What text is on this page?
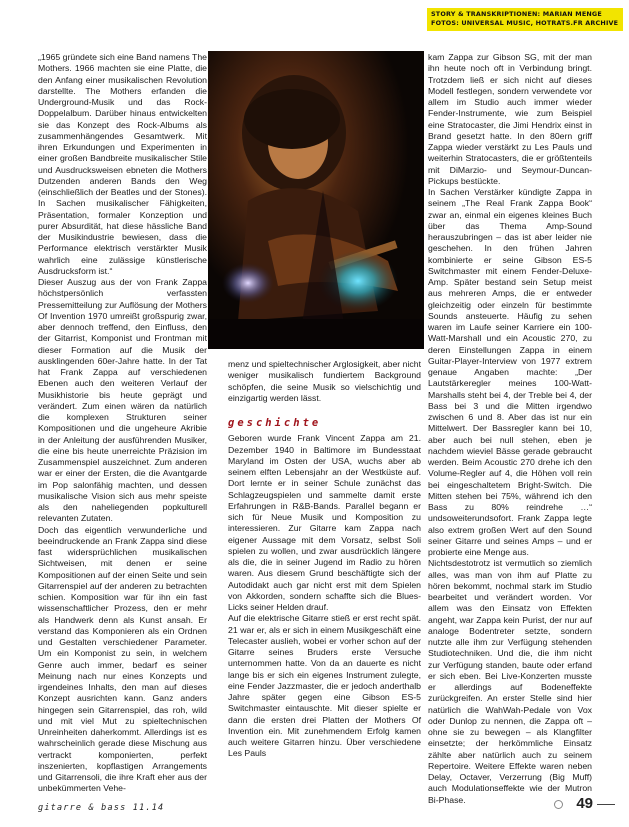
STORY & TRANSKRIPTIONEN: MARIAN MENGE
FOTOS: UNIVERSAL MUSIC, HOTRATS.FR ARCHIVE

„1965 gründete sich eine Band namens The Mothers. 1966 machten sie eine Platte, die den Anfang einer musikalischen Revolution darstellte. The Mothers erfanden die Underground-Musik und das Rock-Doppelalbum. Darüber hinaus entwickelten sie das Konzept des Rock-Albums als zusammenhängendes Gesamtwerk. Mit ihren Erkundungen und Experimenten in einer großen Bandbreite musikalischer Stile und Ausdrucksweisen ebneten die Mothers Dutzenden anderen Bands den Weg (einschließlich der Beatles und der Stones). In Sachen musikalischer Fähigkeiten, Präsentation, formaler Konzeption und purer Absurdität, hat diese hässliche Band der Musikindustrie bewiesen, dass die Performance elektrisch verstärkter Musik wahrlich eine zulässige künstlerische Ausdrucksform ist.“

Dieser Auszug aus der von Frank Zappa höchstpersönlich verfassten Pressemitteilung zur Auflösung der Mothers Of Invention 1970 umreißt großspurig zwar, aber dennoch treffend, den Einfluss, den der Gitarrist, Komponist und Frontman mit dieser Formation auf die Musik der ausklingenden 60er-Jahre hatte. In der Tat hat Frank Zappa auf verschiedenen Ebenen auch den weiteren Verlauf der Musikhistorie bis heute geprägt und verändert. Zum einen wären da natürlich die komplexen Strukturen seiner Kompositionen und die ungeheure Akribie in der Anleitung der ausführenden Musiker, die eine bis heute unerreichte Präzision im Zusammenspiel auszeichnet. Zum anderen war er einer der Ersten, die die Avantgarde im Pop salonfähig machten, und dessen musikalische Vision sich aus mehr speiste als den naheliegenden popkulturell relevanten Zutaten.

Doch das eigentlich verwunderliche und beeindruckende an Frank Zappa sind diese fast widersprüchlichen musikalischen Sichtweisen, mit denen er seine Kompositionen auf der einen Seite und sein Gitarrenspiel auf der anderen zu betrachten schien. Komposition war für ihn ein fast wissenschaftlicher Prozess, den er mehr als Handwerk denn als Kunst ansah. Er verstand das Komponieren als ein Ordnen und Gestalten verschiedener Parameter. Um ein Komponist zu sein, in welchem Genre auch immer, bedarf es seiner Meinung nach nur eines Konzepts und irgendeines Inhalts, den man auf dieses Konzept ausrichten kann. Ganz anders hingegen sein Gitarrenspiel, das roh, wild und mit viel Mut zu spieltechnischen Unreinheiten daherkommt. Allerdings ist es wahrscheinlich gerade diese Mischung aus vertrackt komponierten, perfekt inszenierten, kopflastigen Arrangements und Gitarrensoli, die ihre Kraft eher aus der unbekümmerten Vehe-

menz und spieltechnischer Arglosigkeit, aber nicht weniger musikalisch fundiertem Background schöpfen, die seine Musik so vielschichtig und einzigartig werden lässt.

geschichte

Geboren wurde Frank Vincent Zappa am 21. Dezember 1940 in Baltimore im Bundesstaat Maryland im Osten der USA, wuchs aber ab seinem elften Lebensjahr an der Westküste auf. Dort lernte er in seiner Schule zunächst das Schlagzeugspielen und sammelte damit erste Erfahrungen in R&B-Bands. Parallel begann er sich für Neue Musik und Komposition zu interessieren. Zur Gitarre kam Zappa nach eigener Aussage mit dem Vorsatz, selbst Soli spielen zu wollen, und zwar ausdrücklich längere als die, die in seiner Jugend im Radio zu hören waren. Aus diesem Grund beschäftigte sich der Autodidakt auch gar nicht erst mit dem Spielen von Akkorden, sondern schaffte sich die Blues-Licks seiner Helden drauf.

Auf die elektrische Gitarre stieß er erst recht spät. 21 war er, als er sich in einem Musikgeschäft eine Telecaster auslieh, wobei er vorher schon auf der Gitarre seines Bruders erste Versuche unternommen hatte. Von da an dauerte es nicht lange bis er sich ein eigenes Instrument zulegte, eine Fender Jazzmaster, die er jedoch anderthalb Jahre später gegen eine Gibson ES-5 Switchmaster eintauschte. Mit dieser spielte er dann die ersten drei Platten der Mothers Of Invention ein. Mit zunehmendem Erfolg kamen auch weitere Gitarren hinzu. Über verschiedene Les Pauls

kam Zappa zur Gibson SG, mit der man ihn heute noch oft in Verbindung bringt. Trotzdem ließ er sich nicht auf dieses Modell festlegen, sondern verwendete vor allem im Studio auch immer wieder Fender-Instrumente, wie zum Beispiel eine Stratocaster, die Jimi Hendrix einst in Brand gesetzt hatte. In den 80ern griff Zappa wieder verstärkt zu Les Pauls und weiterhin Stratocasters, die er größtenteils mit DiMarzio- und Seymour-Duncan-Pickups bestückte.

In Sachen Verstärker kündigte Zappa in seinem „The Real Frank Zappa Book“ zwar an, einmal ein eigenes kleines Buch über das Thema Amp-Sound herauszubringen – das ist aber leider nie geschehen. In den frühen Jahren kombinierte er seine Gibson ES-5 Switchmaster mit einem Fender-Deluxe-Amp. Später bestand sein Setup meist aus mehreren Amps, die er entweder gleichzeitig oder einzeln für bestimmte Sounds ansteuerte. Häufig zu sehen waren im Laufe seiner Karriere ein 100-Watt-Marshall und ein Acoustic 270, zu deren Einstellungen Zappa in einem Guitar-Player-Interview von 1977 extrem genaue Angaben machte: „Der Lautstärkeregler meines 100-Watt-Marshalls steht bei 4, der Treble bei 4, der Bass bei 3 und die Mitten irgendwo zwischen 6 und 8. Aber das ist nur ein Mittelwert. Der Bassregler kann bei 10, aber auch bei null stehen, eben je nachdem wieviel Bässe gerade gebraucht werden. Beim Acoustic 270 drehe ich den Volume-Regler auf 4, die Höhen voll rein bei eingeschaltetem Bright-Switch. Die Mitten stehen bei 75%, während ich den Bass zu 80% reindrehe …“ undsoweiterundsofort. Frank Zappa legte also extrem großen Wert auf den Sound seiner Gitarre und seines Amps – und er probierte eine Menge aus.

Nichtsdestotrotz ist vermutlich so ziemlich alles, was man von ihm auf Platte zu hören bekommt, nochmal stark im Studio bearbeitet und verändert worden. Vor allem was den Einsatz von Effekten angeht, war Zappa kein Purist, der nur auf analoge Bodentreter setzte, sondern nutzte alle ihm zur Verfügung stehenden Studiotechniken. Und die, die ihm nicht zur Verfügung standen, baute oder erfand er sich eben. Bei Live-Konzerten musste er allerdings auf Bodeneffekte zurückgreifen. An erster Stelle sind hier natürlich die WahWah-Pedale von Vox oder Dunlop zu nennen, die Zappa oft – ohne sie zu bewegen – als Klangfilter einsetzte; der herkömmliche Einsatz zählte aber natürlich auch zu seinem Repertoire. Weitere Effekte waren neben Delay, Octaver, Verzerrung (Big Muff) auch Modulationseffekte wie der Mutron Bi-Phase.

gitarre & bass 11.14	49
